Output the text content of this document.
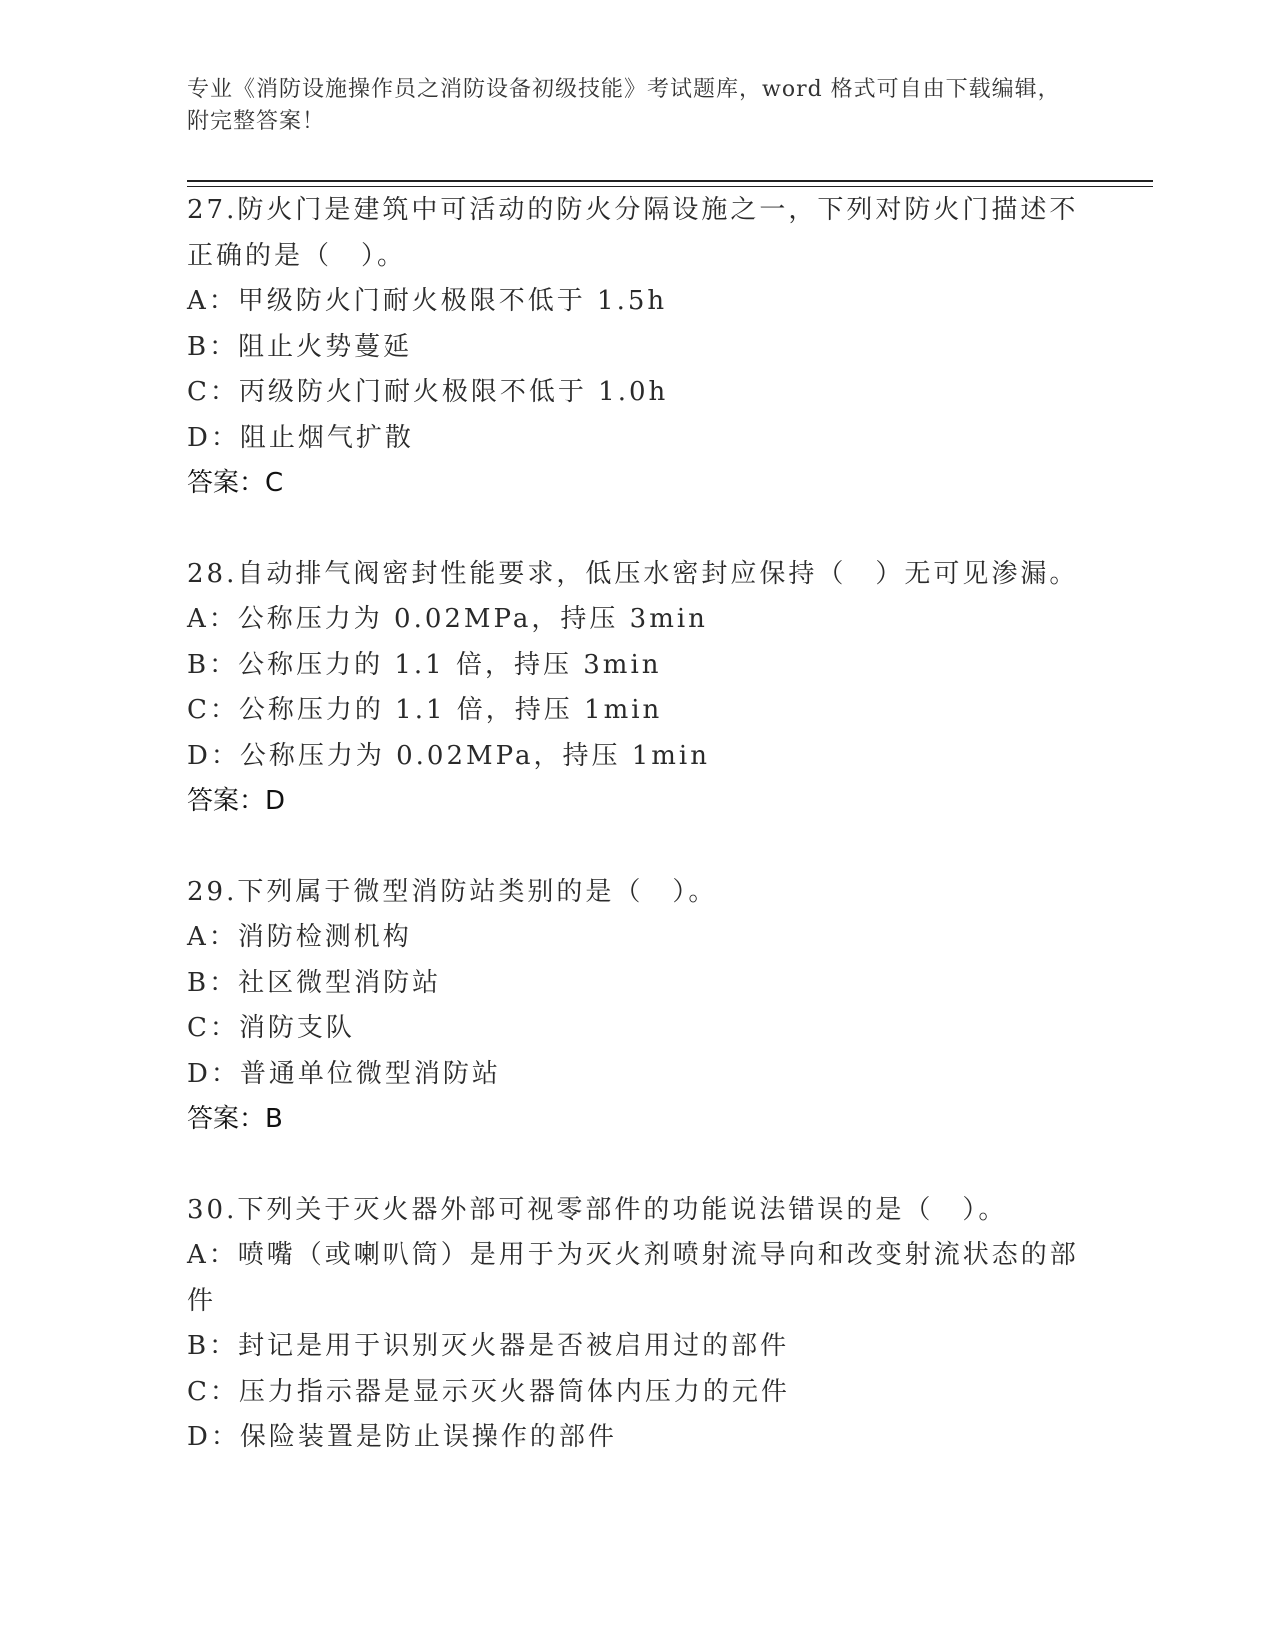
专业《消防设施操作员之消防设备初级技能》考试题库，word 格式可自由下载编辑，附完整答案！
27.防火门是建筑中可活动的防火分隔设施之一，下列对防火门描述不正确的是（　）。
A：甲级防火门耐火极限不低于 1.5h
B：阻止火势蔓延
C：丙级防火门耐火极限不低于 1.0h
D：阻止烟气扩散
答案：C
28.自动排气阀密封性能要求，低压水密封应保持（　）无可见渗漏。
A：公称压力为 0.02MPa，持压 3min
B：公称压力的 1.1 倍，持压 3min
C：公称压力的 1.1 倍，持压 1min
D：公称压力为 0.02MPa，持压 1min
答案：D
29.下列属于微型消防站类别的是（　）。
A：消防检测机构
B：社区微型消防站
C：消防支队
D：普通单位微型消防站
答案：B
30.下列关于灭火器外部可视零部件的功能说法错误的是（　）。
A：喷嘴（或喇叭筒）是用于为灭火剂喷射流导向和改变射流状态的部件
B：封记是用于识别灭火器是否被启用过的部件
C：压力指示器是显示灭火器筒体内压力的元件
D：保险装置是防止误操作的部件
